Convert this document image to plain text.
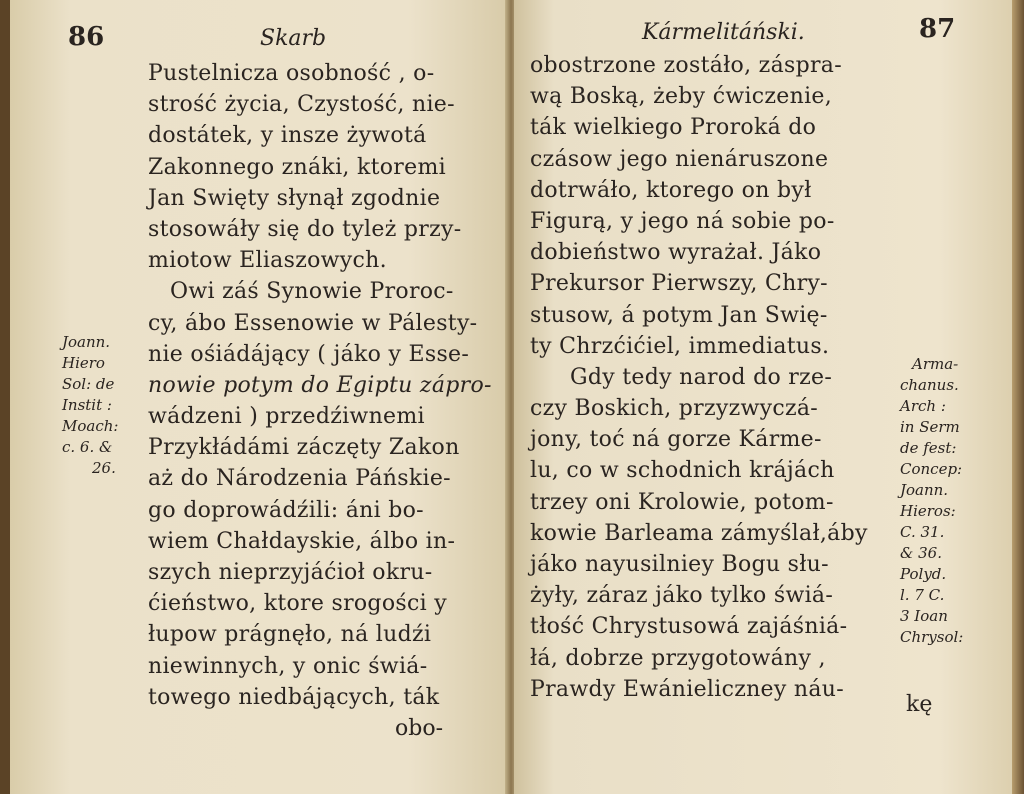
86	Skarb
Pustelnicza osobność , o-
strość życia, Czystość, nie-
dostátek, y insze żywotá
Zakonnego znáki, ktoremi
Jan Swięty słynął zgodnie
stosowáły się do tyleż przy-
miotow Eliaszowych.
Owi záś Synowie Proroc-
cy, ábo Essenowie w Pálesty-
nie ośiádájący ( jáko y Esse-
nowie potym do Egiptu zápro-
wádzeni ) przedźiwnemi
Przykłádámi záczęty Zakon
aż do Národzenia Páńskie-
go doprowádźili: áni bo-
wiem Chałdayskie, álbo in-
szych nieprzyjáćioł okru-
ćieństwo, ktore srogości y
łupow prágnęło, ná ludźi
niewinnych, y onic świá-
towego niedbájących, ták
Joann.
Hiero
Sol: de
Instit :
Moach:
c. 6. &
26.
obo-
Kármelitáński.	87
obostrzone zostáło, záspra-
wą Boską, żeby ćwiczenie,
ták wielkiego Proroká do
czásow jego nienáruszone
dotrwáło, ktorego on był
Figurą, y jego ná sobie po-
dobieństwo wyrażał. Jáko
Prekursor Pierwszy, Chry-
stusow, á potym Jan Swię-
ty Chrzćićiel, immediatus.
Gdy tedy narod do rze-
czy Boskich, przyzwyczá-
jony, toć ná gorze Kárme-
lu, co w schodnich krájách
trzey oni Krolowie, potom-
kowie Barleama zámyślał,áby
jáko nayusilniey Bogu słu-
żyły, záraz jáko tylko świá-
tłość Chrystusowá zajáśniá-
łá, dobrze przygotowány ,
Prawdy Ewánieliczney náu-
Arma-
chanus.
Arch :
in Serm
de fest:
Concep:
Joann.
Hieros:
C. 31.
& 36.
Polyd.
l. 7 C.
3 Ioan
Chrysol:
kę
